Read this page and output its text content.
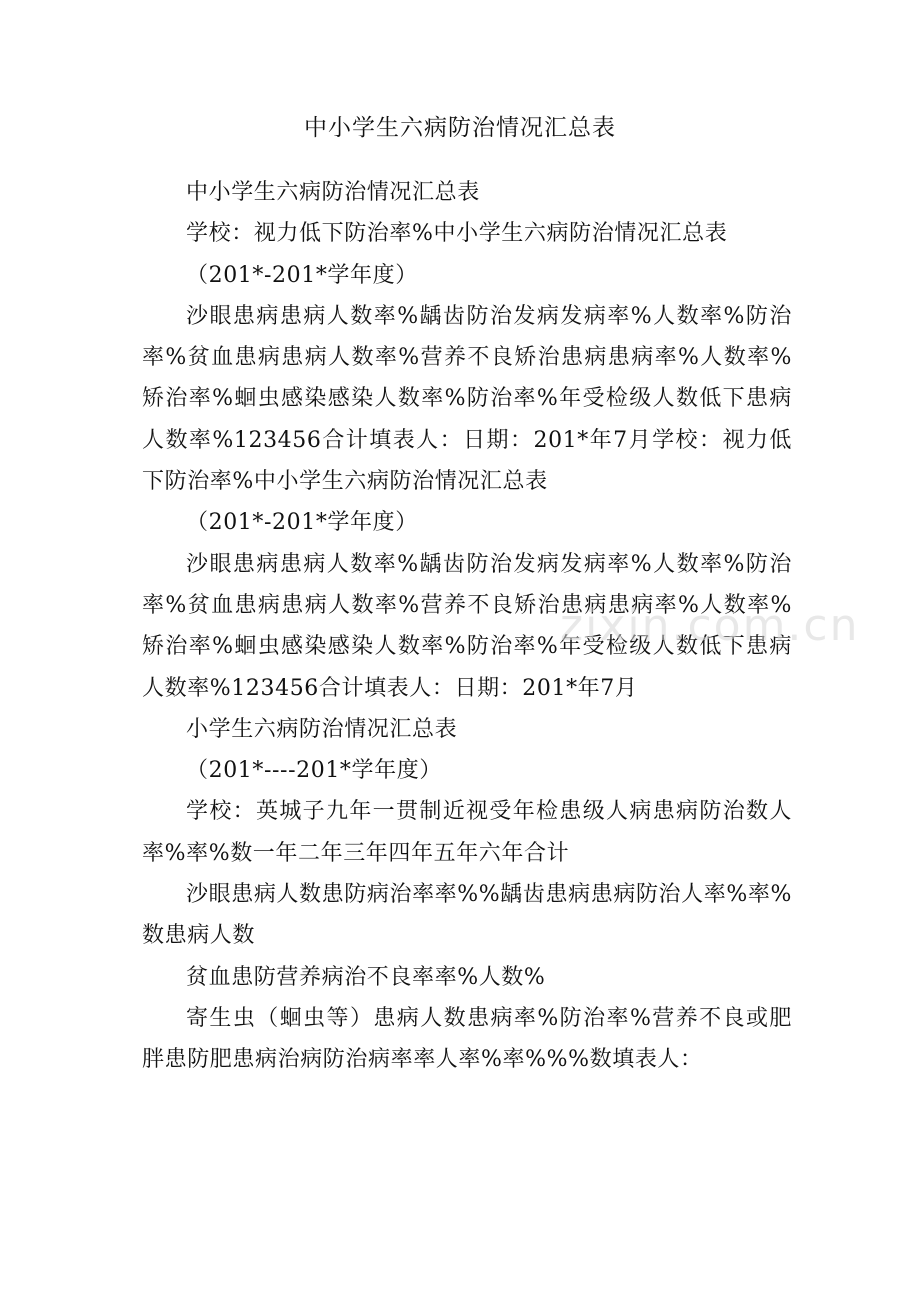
中小学生六病防治情况汇总表

中小学生六病防治情况汇总表

学校：视力低下防治率%中小学生六病防治情况汇总表

（201*-201*学年度）

沙眼患病患病人数率%龋齿防治发病发病率%人数率%防治率%贫血患病患病人数率%营养不良矫治患病患病率%人数率%矫治率%蛔虫感染感染人数率%防治率%年受检级人数低下患病人数率%123456合计填表人：日期：201*年7月学校：视力低下防治率%中小学生六病防治情况汇总表

（201*-201*学年度）

沙眼患病患病人数率%龋齿防治发病发病率%人数率%防治率%贫血患病患病人数率%营养不良矫治患病患病率%人数率%矫治率%蛔虫感染感染人数率%防治率%年受检级人数低下患病人数率%123456合计填表人：日期：201*年7月

小学生六病防治情况汇总表

（201*----201*学年度）

学校：英城子九年一贯制近视受年检患级人病患病防治数人率%率%数一年二年三年四年五年六年合计

沙眼患病人数患防病治率率%%龋齿患病患病防治人率%率%数患病人数

贫血患防营养病治不良率率%人数%

寄生虫（蛔虫等）患病人数患病率%防治率%营养不良或肥胖患防肥患病治病防治病率率人率%率%%%数填表人：

zixin.com.cn
